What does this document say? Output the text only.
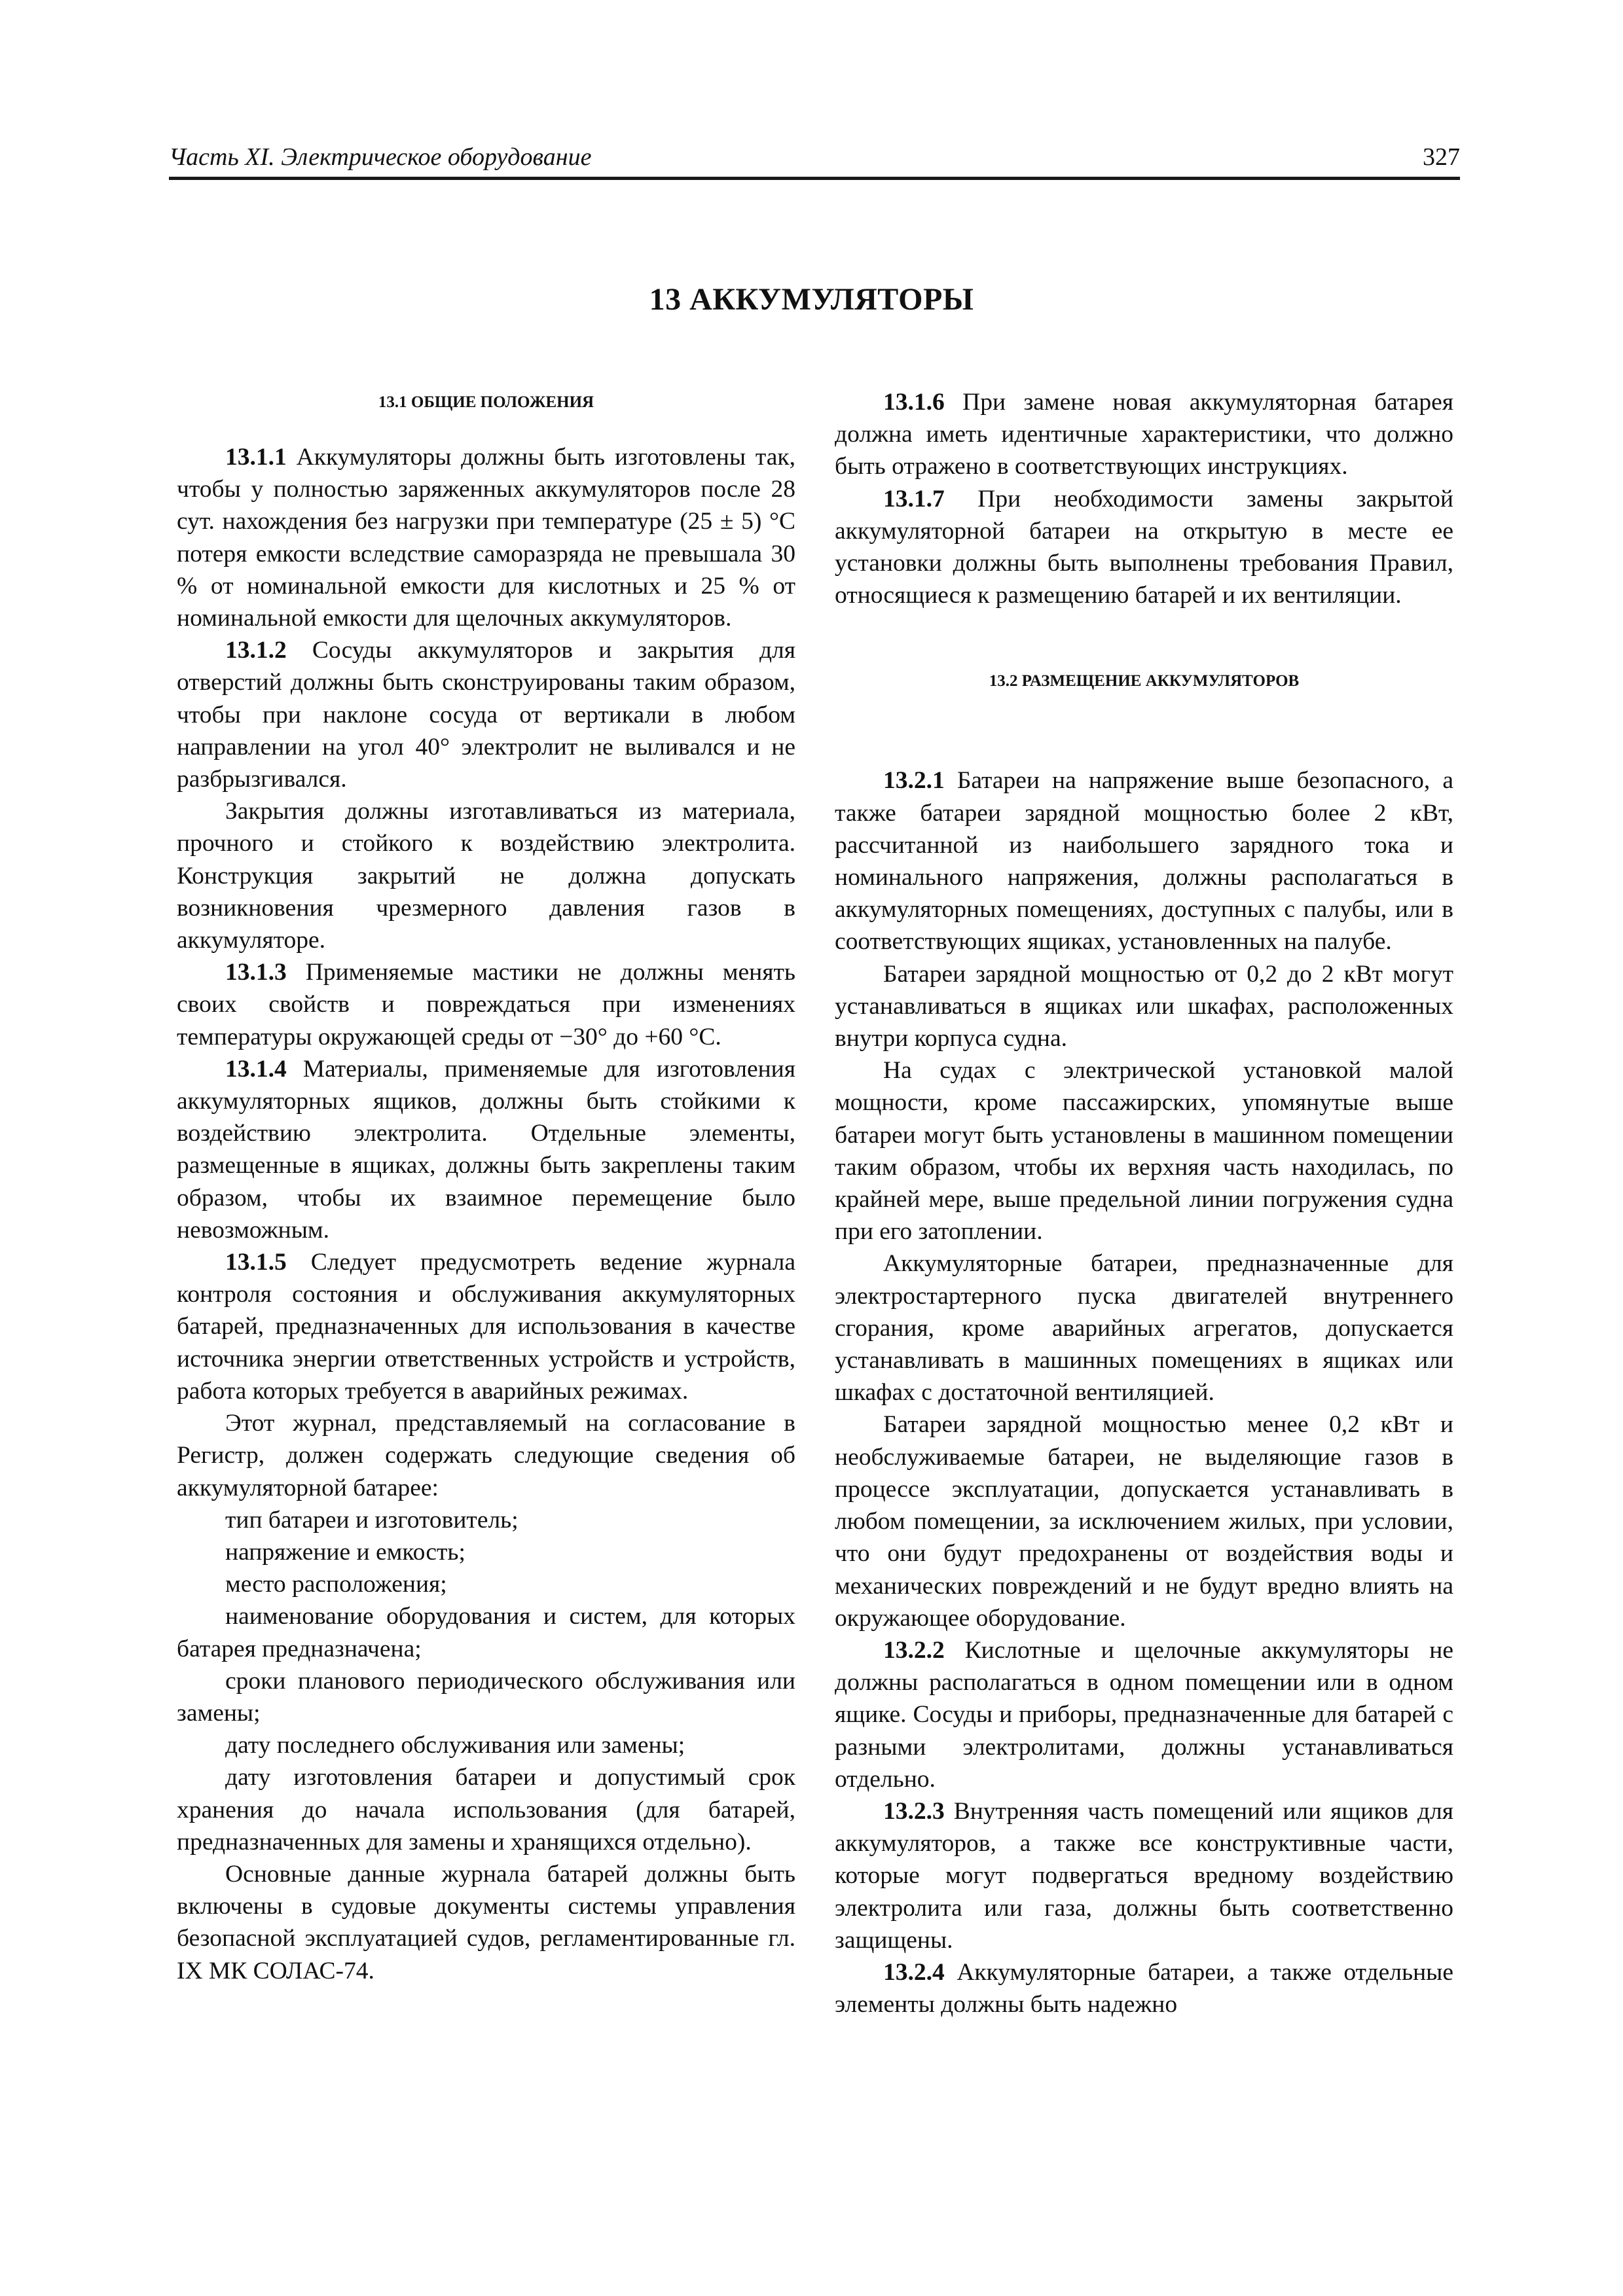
Часть XI. Электрическое оборудование	327
13 АККУМУЛЯТОРЫ
13.1 ОБЩИЕ ПОЛОЖЕНИЯ

13.1.1 Аккумуляторы должны быть изготовлены так, чтобы у полностью заряженных аккумуляторов после 28 сут. нахождения без нагрузки при температуре (25 ± 5) °C потеря емкости вследствие саморазряда не превышала 30 % от номинальной емкости для кислотных и 25 % от номинальной емкости для щелочных аккумуляторов.

13.1.2 Сосуды аккумуляторов и закрытия для отверстий должны быть сконструированы таким образом, чтобы при наклоне сосуда от вертикали в любом направлении на угол 40° электролит не выливался и не разбрызгивался.

Закрытия должны изготавливаться из материала, прочного и стойкого к воздействию электролита. Конструкция закрытий не должна допускать возникновения чрезмерного давления газов в аккумуляторе.

13.1.3 Применяемые мастики не должны менять своих свойств и повреждаться при изменениях температуры окружающей среды от −30° до +60 °C.

13.1.4 Материалы, применяемые для изготовления аккумуляторных ящиков, должны быть стойкими к воздействию электролита. Отдельные элементы, размещенные в ящиках, должны быть закреплены таким образом, чтобы их взаимное перемещение было невозможным.

13.1.5 Следует предусмотреть ведение журнала контроля состояния и обслуживания аккумуляторных батарей, предназначенных для использования в качестве источника энергии ответственных устройств и устройств, работа которых требуется в аварийных режимах.

Этот журнал, представляемый на согласование в Регистр, должен содержать следующие сведения об аккумуляторной батарее:

тип батареи и изготовитель;

напряжение и емкость;

место расположения;

наименование оборудования и систем, для которых батарея предназначена;

сроки планового периодического обслуживания или замены;

дату последнего обслуживания или замены;

дату изготовления батареи и допустимый срок хранения до начала использования (для батарей, предназначенных для замены и хранящихся отдельно).

Основные данные журнала батарей должны быть включены в судовые документы системы управления безопасной эксплуатацией судов, регламентированные гл. IX МК СОЛАС-74.

13.1.6 При замене новая аккумуляторная батарея должна иметь идентичные характеристики, что должно быть отражено в соответствующих инструкциях.

13.1.7 При необходимости замены закрытой аккумуляторной батареи на открытую в месте ее установки должны быть выполнены требования Правил, относящиеся к размещению батарей и их вентиляции.

13.2 РАЗМЕЩЕНИЕ АККУМУЛЯТОРОВ

13.2.1 Батареи на напряжение выше безопасного, а также батареи зарядной мощностью более 2 кВт, рассчитанной из наибольшего зарядного тока и номинального напряжения, должны располагаться в аккумуляторных помещениях, доступных с палубы, или в соответствующих ящиках, установленных на палубе.

Батареи зарядной мощностью от 0,2 до 2 кВт могут устанавливаться в ящиках или шкафах, расположенных внутри корпуса судна.

На судах с электрической установкой малой мощности, кроме пассажирских, упомянутые выше батареи могут быть установлены в машинном помещении таким образом, чтобы их верхняя часть находилась, по крайней мере, выше предельной линии погружения судна при его затоплении.

Аккумуляторные батареи, предназначенные для электростартерного пуска двигателей внутреннего сгорания, кроме аварийных агрегатов, допускается устанавливать в машинных помещениях в ящиках или шкафах с достаточной вентиляцией.

Батареи зарядной мощностью менее 0,2 кВт и необслуживаемые батареи, не выделяющие газов в процессе эксплуатации, допускается устанавливать в любом помещении, за исключением жилых, при условии, что они будут предохранены от воздействия воды и механических повреждений и не будут вредно влиять на окружающее оборудование.

13.2.2 Кислотные и щелочные аккумуляторы не должны располагаться в одном помещении или в одном ящике. Сосуды и приборы, предназначенные для батарей с разными электролитами, должны устанавливаться отдельно.

13.2.3 Внутренняя часть помещений или ящиков для аккумуляторов, а также все конструктивные части, которые могут подвергаться вредному воздействию электролита или газа, должны быть соответственно защищены.

13.2.4 Аккумуляторные батареи, а также отдельные элементы должны быть надежно
